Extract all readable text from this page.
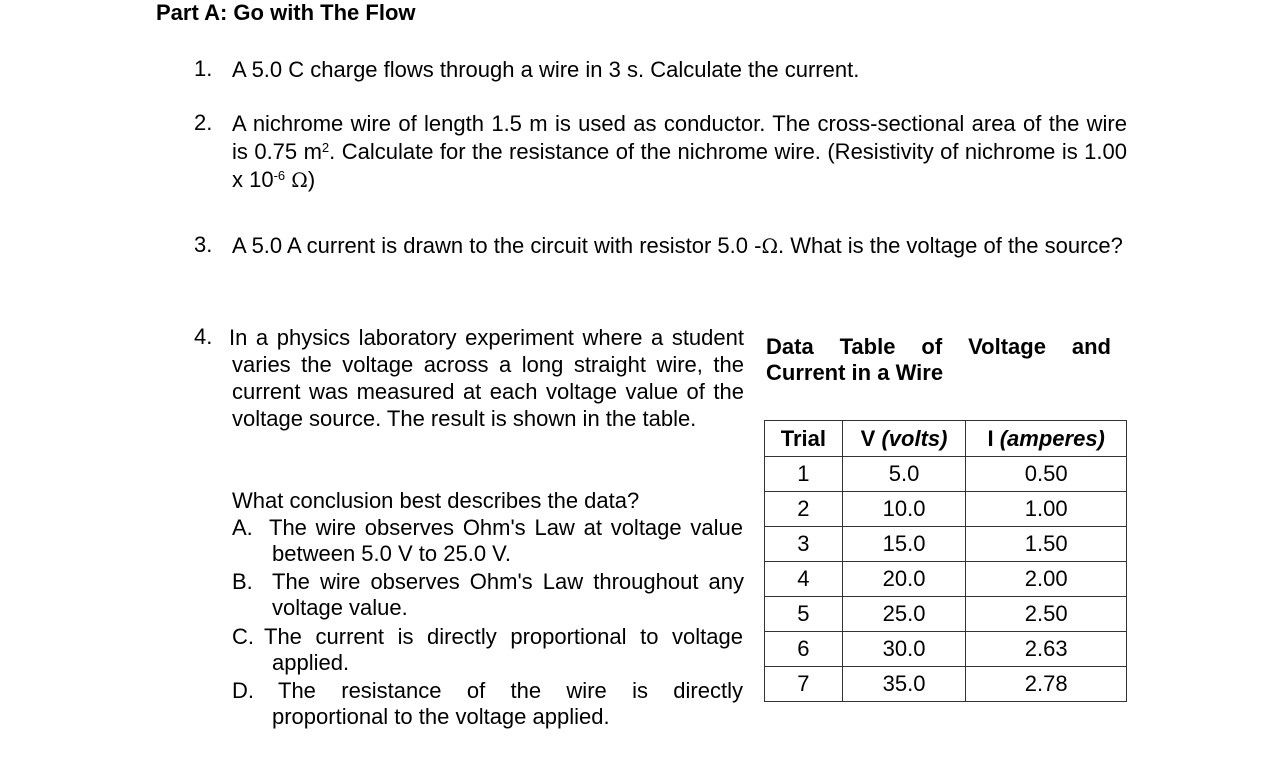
Part A: Go with The Flow
1. A 5.0 C charge flows through a wire in 3 s. Calculate the current.
2. A nichrome wire of length 1.5 m is used as conductor. The cross-sectional area of the wire is 0.75 $m^2$. Calculate for the resistance of the nichrome wire. (Resistivity of nichrome is 1.00 x $10^{-6}$ Ω)
3. A 5.0 A current is drawn to the circuit with resistor 5.0 -Ω. What is the voltage of the source?
4. In a physics laboratory experiment where a student varies the voltage across a long straight wire, the current was measured at each voltage value of the voltage source. The result is shown in the table.
What conclusion best describes the data?
A. The wire observes Ohm's Law at voltage value between 5.0 V to 25.0 V.
B. The wire observes Ohm's Law throughout any voltage value.
C. The current is directly proportional to voltage applied.
D.	The resistance of the wire is directly proportional to the voltage applied.
Data Table of Voltage and Current in a Wire
Trial	V (volts)	I (amperes)
1	5.0	0.50
2	10.0	1.00
3	15.0	1.50
4	20.0	2.00
5	25.0	2.50
6	30.0	2.63
7	35.0	2.78
